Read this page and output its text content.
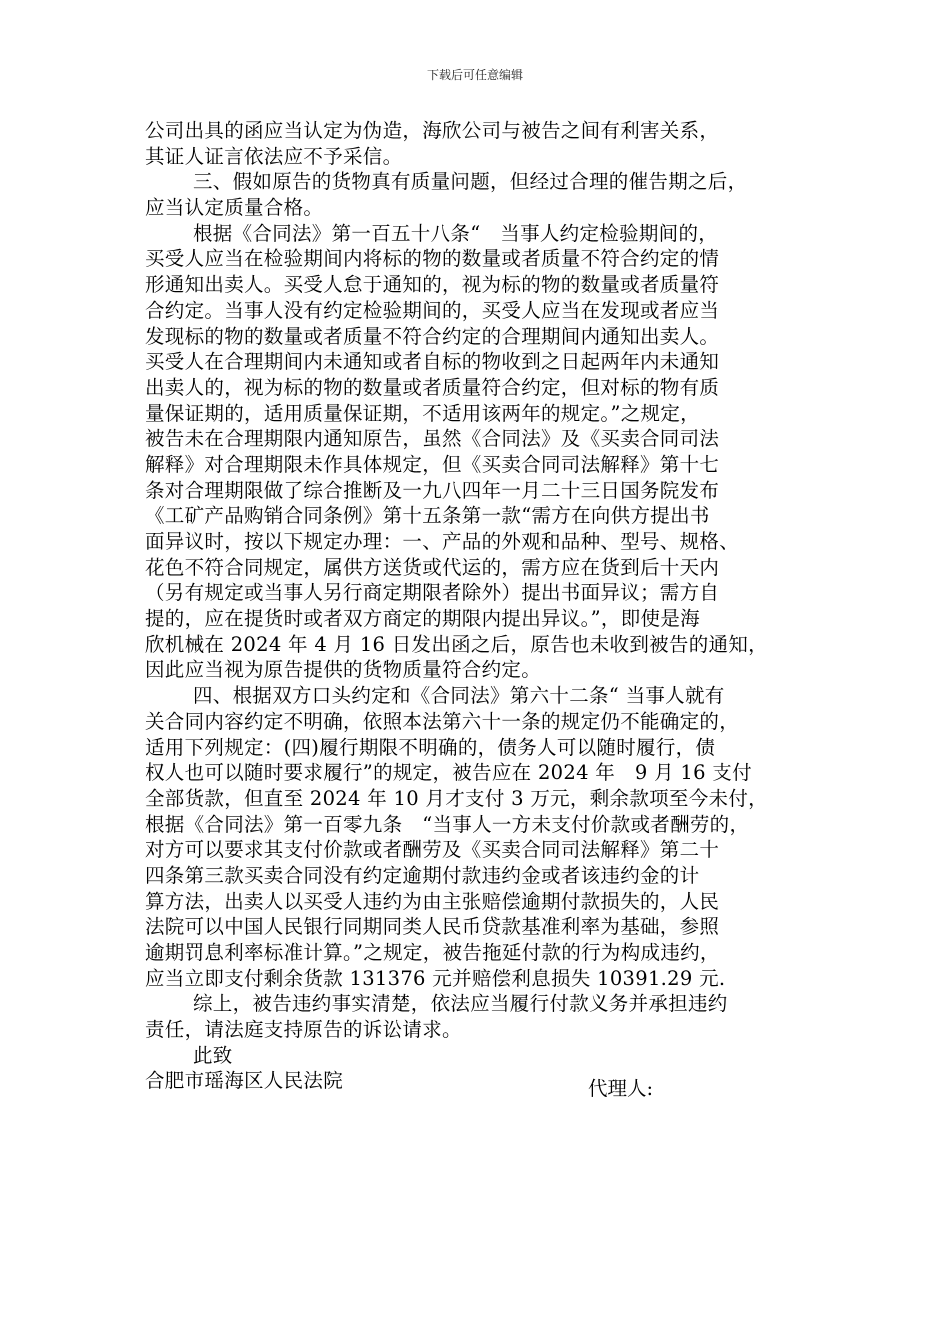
下载后可任意编辑
公司出具的函应当认定为伪造，海欣公司与被告之间有利害关系，
其证人证言依法应不予采信。
三、假如原告的货物真有质量问题，但经过合理的催告期之后，
应当认定质量合格。
根据《合同法》第一百五十八条“　当事人约定检验期间的，
买受人应当在检验期间内将标的物的数量或者质量不符合约定的情
形通知出卖人。买受人怠于通知的，视为标的物的数量或者质量符
合约定。当事人没有约定检验期间的，买受人应当在发现或者应当
发现标的物的数量或者质量不符合约定的合理期间内通知出卖人。
买受人在合理期间内未通知或者自标的物收到之日起两年内未通知
出卖人的，视为标的物的数量或者质量符合约定，但对标的物有质
量保证期的，适用质量保证期，不适用该两年的规定。”之规定，
被告未在合理期限内通知原告，虽然《合同法》及《买卖合同司法
解释》对合理期限未作具体规定，但《买卖合同司法解释》第十七
条对合理期限做了综合推断及一九八四年一月二十三日国务院发布
《工矿产品购销合同条例》第十五条第一款“需方在向供方提出书
面异议时，按以下规定办理：一、产品的外观和品种、型号、规格、
花色不符合同规定，属供方送货或代运的，需方应在货到后十天内
（另有规定或当事人另行商定期限者除外）提出书面异议；需方自
提的，应在提货时或者双方商定的期限内提出异议。”，即使是海
欣机械在 2024 年 4 月 16 日发出函之后，原告也未收到被告的通知，
因此应当视为原告提供的货物质量符合约定。
四、根据双方口头约定和《合同法》第六十二条“ 当事人就有
关合同内容约定不明确，依照本法第六十一条的规定仍不能确定的，
适用下列规定：(四)履行期限不明确的，债务人可以随时履行，债
权人也可以随时要求履行”的规定，被告应在 2024 年　9 月 16 支付
全部货款，但直至 2024 年 10 月才支付 3 万元，剩余款项至今未付，
根据《合同法》第一百零九条　“当事人一方未支付价款或者酬劳的，
对方可以要求其支付价款或者酬劳及《买卖合同司法解释》第二十
四条第三款买卖合同没有约定逾期付款违约金或者该违约金的计
算方法，出卖人以买受人违约为由主张赔偿逾期付款损失的，人民
法院可以中国人民银行同期同类人民币贷款基准利率为基础，参照
逾期罚息利率标准计算。”之规定，被告拖延付款的行为构成违约，
应当立即支付剩余货款 131376 元并赔偿利息损失 10391.29 元.
综上，被告违约事实清楚，依法应当履行付款义务并承担违约
责任，请法庭支持原告的诉讼请求。
此致
合肥市瑶海区人民法院	代理人:
